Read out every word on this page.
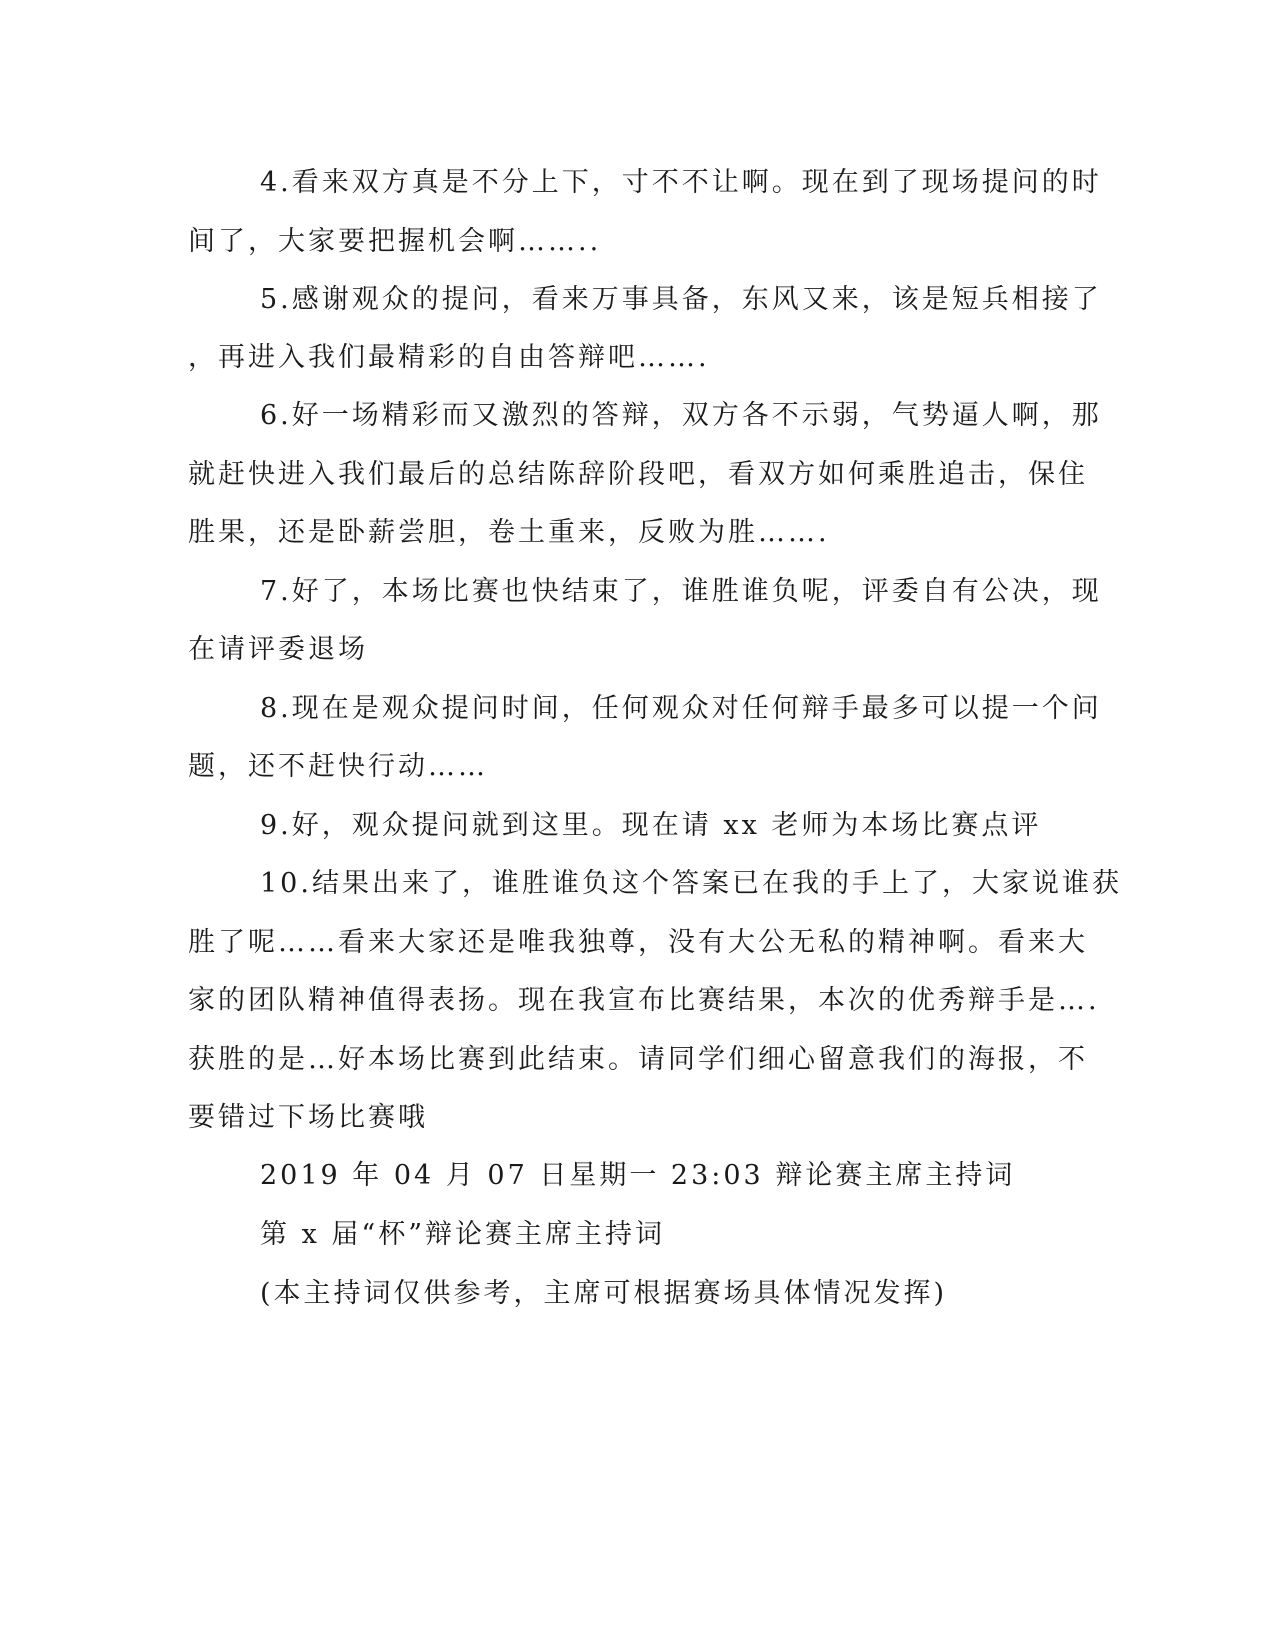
4.看来双方真是不分上下，寸不不让啊。现在到了现场提问的时

间了，大家要把握机会啊……..

5.感谢观众的提问，看来万事具备，东风又来，该是短兵相接了

，再进入我们最精彩的自由答辩吧…….

6.好一场精彩而又激烈的答辩，双方各不示弱，气势逼人啊，那

就赶快进入我们最后的总结陈辞阶段吧，看双方如何乘胜追击，保住

胜果，还是卧薪尝胆，卷土重来，反败为胜…….

7.好了，本场比赛也快结束了，谁胜谁负呢，评委自有公决，现

在请评委退场

8.现在是观众提问时间，任何观众对任何辩手最多可以提一个问

题，还不赶快行动……

9.好，观众提问就到这里。现在请 xx 老师为本场比赛点评

10.结果出来了，谁胜谁负这个答案已在我的手上了，大家说谁获

胜了呢……看来大家还是唯我独尊，没有大公无私的精神啊。看来大

家的团队精神值得表扬。现在我宣布比赛结果，本次的优秀辩手是….

获胜的是…好本场比赛到此结束。请同学们细心留意我们的海报，不

要错过下场比赛哦

2019 年 04 月 07 日星期一 23:03 辩论赛主席主持词

第 x 届“杯”辩论赛主席主持词

(本主持词仅供参考，主席可根据赛场具体情况发挥)
